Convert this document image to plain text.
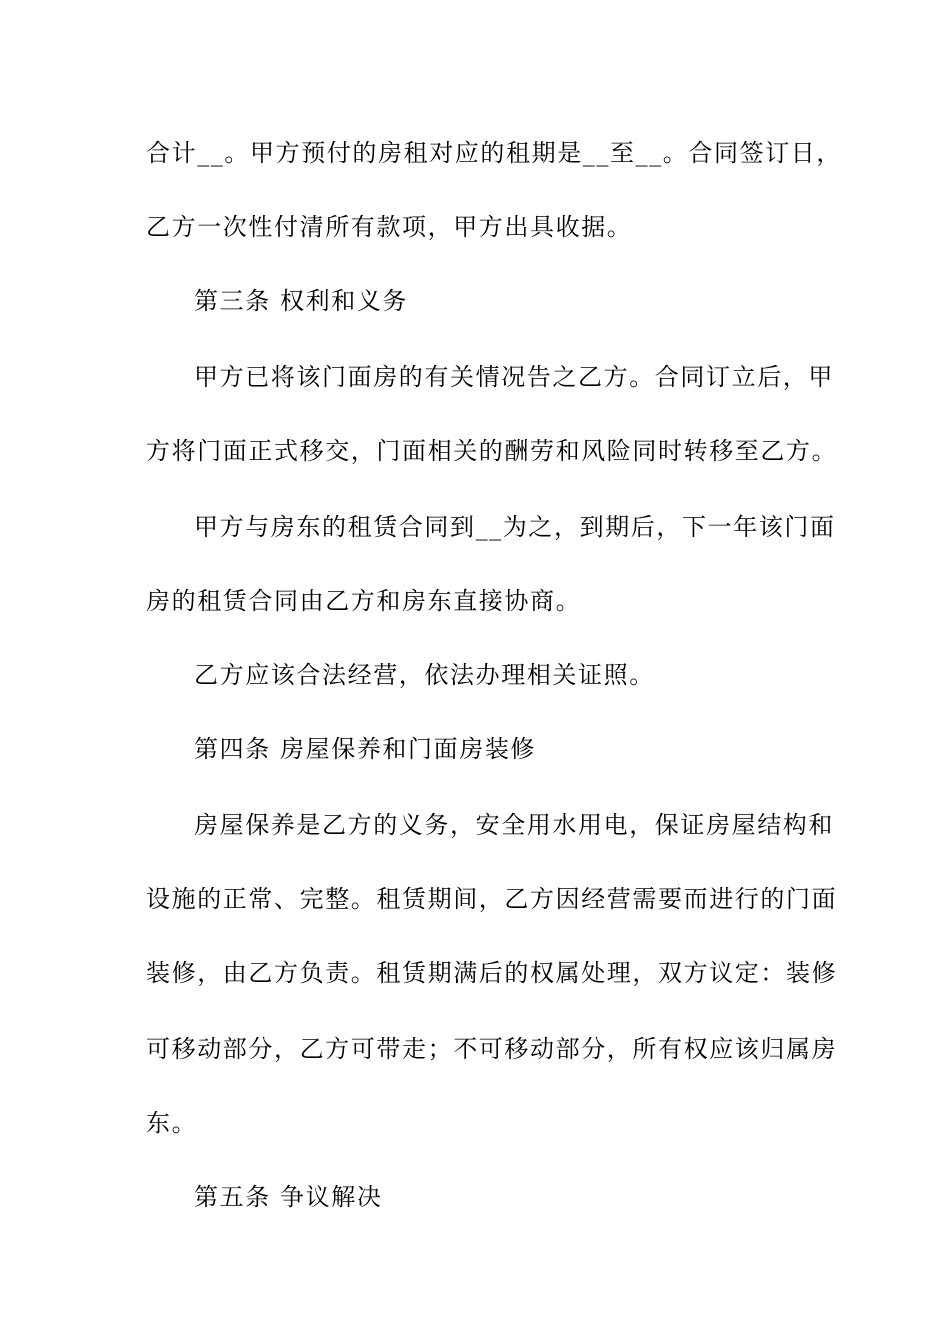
合计__。甲方预付的房租对应的租期是__至__。合同签订日，
乙方一次性付清所有款项，甲方出具收据。
第三条 权利和义务
甲方已将该门面房的有关情况告之乙方。合同订立后，甲
方将门面正式移交，门面相关的酬劳和风险同时转移至乙方。
甲方与房东的租赁合同到__为之，到期后，下一年该门面
房的租赁合同由乙方和房东直接协商。
乙方应该合法经营，依法办理相关证照。
第四条 房屋保养和门面房装修
房屋保养是乙方的义务，安全用水用电，保证房屋结构和
设施的正常、完整。租赁期间，乙方因经营需要而进行的门面
装修，由乙方负责。租赁期满后的权属处理，双方议定：装修
可移动部分，乙方可带走；不可移动部分，所有权应该归属房
东。
第五条 争议解决
